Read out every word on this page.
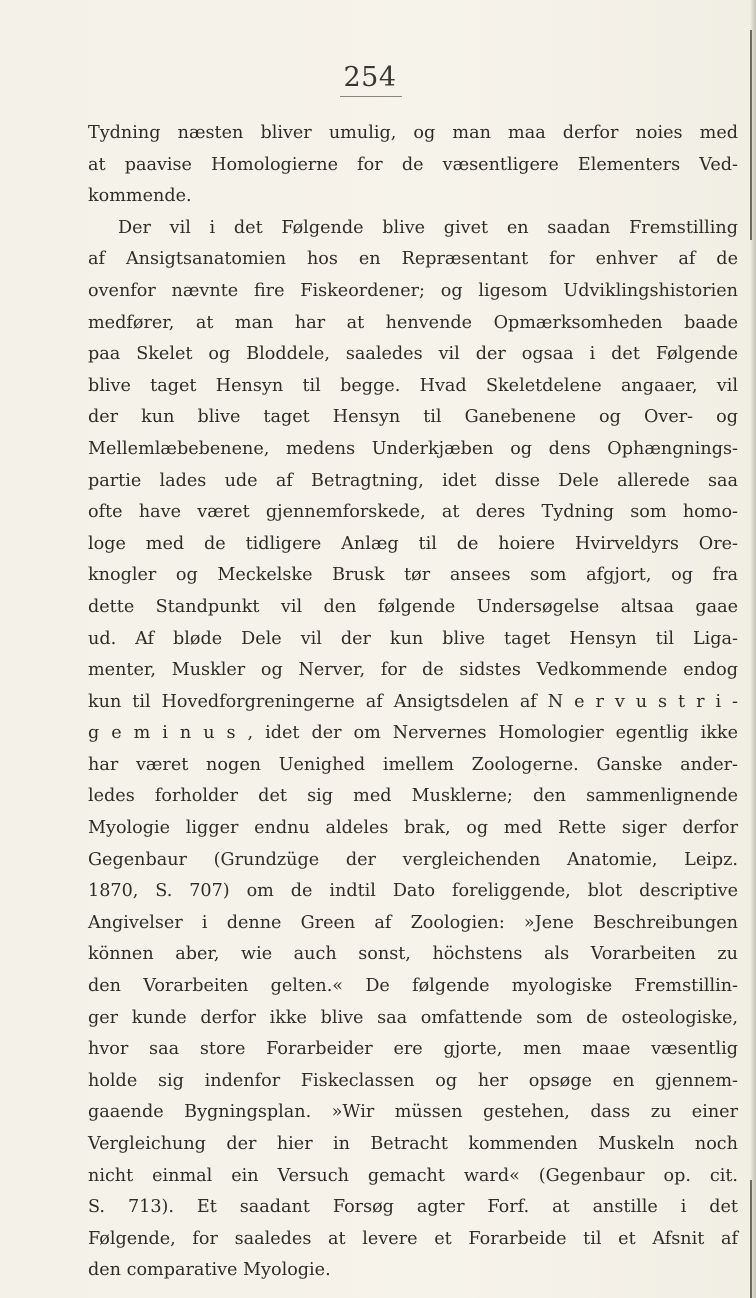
254
Tydning næsten bliver umulig, og man maa derfor noies med
at paavise Homologierne for de væsentligere Elementers Ved-
kommende.
Der vil i det Følgende blive givet en saadan Fremstilling
af Ansigtsanatomien hos en Repræsentant for enhver af de
ovenfor nævnte fire Fiskeordener; og ligesom Udviklingshistorien
medfører, at man har at henvende Opmærksomheden baade
paa Skelet og Bloddele, saaledes vil der ogsaa i det Følgende
blive taget Hensyn til begge. Hvad Skeletdelene angaaer, vil
der kun blive taget Hensyn til Ganebenene og Over- og
Mellemlæbebenene, medens Underkjæben og dens Ophængnings-
partie lades ude af Betragtning, idet disse Dele allerede saa
ofte have været gjennemforskede, at deres Tydning som homo-
loge med de tidligere Anlæg til de hoiere Hvirveldyrs Ore-
knogler og Meckelske Brusk tør ansees som afgjort, og fra
dette Standpunkt vil den følgende Undersøgelse altsaa gaae
ud. Af bløde Dele vil der kun blive taget Hensyn til Liga-
menter, Muskler og Nerver, for de sidstes Vedkommende endog
kun til Hovedforgreningerne af Ansigtsdelen af N e r v u s t r i -
g e m i n u s , idet der om Nervernes Homologier egentlig ikke
har været nogen Uenighed imellem Zoologerne. Ganske ander-
ledes forholder det sig med Musklerne; den sammenlignende
Myologie ligger endnu aldeles brak, og med Rette siger derfor
Gegenbaur (Grundzüge der vergleichenden Anatomie, Leipz.
1870, S. 707) om de indtil Dato foreliggende, blot descriptive
Angivelser i denne Green af Zoologien: »Jene Beschreibungen
können aber, wie auch sonst, höchstens als Vorarbeiten zu
den Vorarbeiten gelten.« De følgende myologiske Fremstillin-
ger kunde derfor ikke blive saa omfattende som de osteologiske,
hvor saa store Forarbeider ere gjorte, men maae væsentlig
holde sig indenfor Fiskeclassen og her opsøge en gjennem-
gaaende Bygningsplan. »Wir müssen gestehen, dass zu einer
Vergleichung der hier in Betracht kommenden Muskeln noch
nicht einmal ein Versuch gemacht ward« (Gegenbaur op. cit.
S. 713). Et saadant Forsøg agter Forf. at anstille i det
Følgende, for saaledes at levere et Forarbeide til et Afsnit af
den comparative Myologie.
